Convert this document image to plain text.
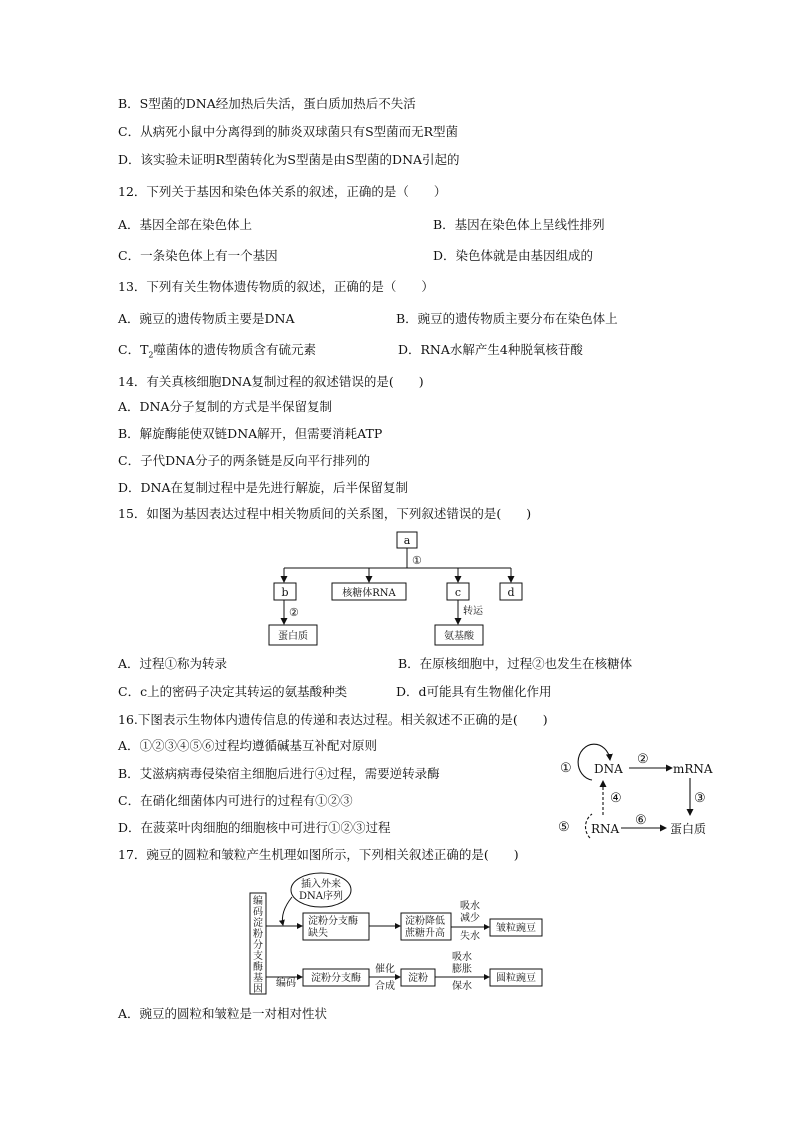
B．S型菌的DNA经加热后失活，蛋白质加热后不失活
C．从病死小鼠中分离得到的肺炎双球菌只有S型菌而无R型菌
D．该实验未证明R型菌转化为S型菌是由S型菌的DNA引起的
12．下列关于基因和染色体关系的叙述，正确的是（　　）
A．基因全部在染色体上	B．基因在染色体上呈线性排列
C．一条染色体上有一个基因	D．染色体就是由基因组成的
13．下列有关生物体遗传物质的叙述，正确的是（　　）
A．豌豆的遗传物质主要是DNA	B．豌豆的遗传物质主要分布在染色体上
C．$T_2$噬菌体的遗传物质含有硫元素	D．RNA水解产生4种脱氧核苷酸
14．有关真核细胞DNA复制过程的叙述错误的是(　　)
A．DNA分子复制的方式是半保留复制
B．解旋酶能使双链DNA解开，但需要消耗ATP
C．子代DNA分子的两条链是反向平行排列的
D．DNA在复制过程中是先进行解旋，后半保留复制
15．如图为基因表达过程中相关物质间的关系图，下列叙述错误的是(　　)
a
①
b	核糖体RNA	c	d
②	转运
蛋白质	氨基酸
A．过程①称为转录	B．在原核细胞中，过程②也发生在核糖体
C．c上的密码子决定其转运的氨基酸种类	D．d可能具有生物催化作用
16.下图表示生物体内遗传信息的传递和表达过程。相关叙述不正确的是(　　)
A．①②③④⑤⑥过程均遵循碱基互补配对原则
B．艾滋病病毒侵染宿主细胞后进行④过程，需要逆转录酶
C．在硝化细菌体内可进行的过程有①②③
D．在菠菜叶肉细胞的细胞核中可进行①②③过程
① DNA
②
mRNA
③
④
⑤ RNA
⑥
蛋白质
17．豌豆的圆粒和皱粒产生机理如图所示，下列相关叙述正确的是(　　)
编
码
淀
粉
分
支
酶
基
因
插入外来
DNA序列
淀粉分支酶
缺失
淀粉降低
蔗糖升高
吸水
减少
失水
皱粒豌豆
编码 淀粉分支酶
催化
合成
淀粉
吸水
膨胀
保水
圆粒豌豆
A．豌豆的圆粒和皱粒是一对相对性状
